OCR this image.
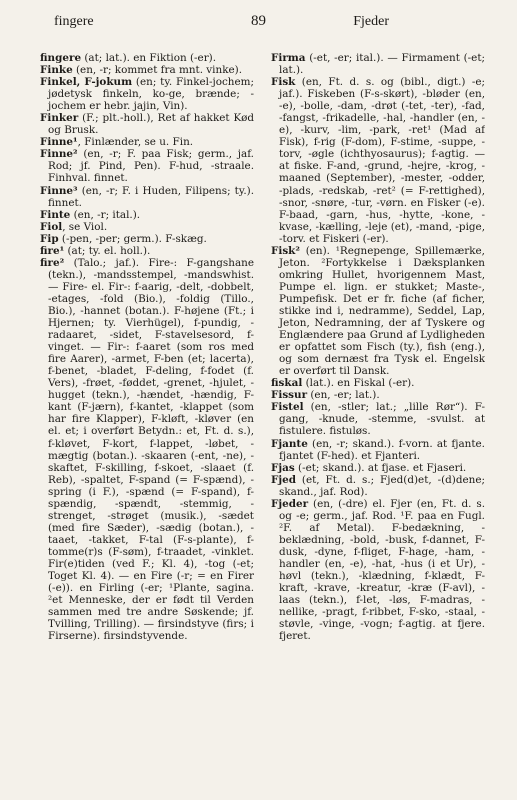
fingere	89	Fjeder

fingere (at; lat.). en Fiktion (-er).

Finke (en, -r; kommet fra mnt. vinke).

Finkel, F-jokum (en; ty. Finkel-jochem; jødetysk finkeln, ko-ge, brænde; -jochem er hebr. jajin, Vin).

Finker (F.; plt.-holl.), Ret af hakket Kød og Brusk.

Finne¹, Finlænder, se u. Fin.

Finne² (en, -r; F. paa Fisk; germ., jaf. Rod; jf. Pind, Pen). F-hud, -straale. Finhval. finnet.

Finne³ (en, -r; F. i Huden, Filipens; ty.). finnet.

Finte (en, -r; ital.).

Fiol, se Viol.

Fip (-pen, -per; germ.). F-skæg.

fire¹ (at; ty. el. holl.).

fire² (Talo.; jaf.). Fire-: F-gangshane (tekn.), -mandsstempel, -mandswhist. — Fire- el. Fir-: f-aarig, -delt, -dobbelt, -etages, -fold (Bio.), -foldig (Tillo., Bio.), -hannet (botan.). F-højene (Ft.; i Hjernen; ty. Vierhügel), f-pundig, -radaaret, -sidet, F-stavelsesord, f-vinget. — Fir-: f-aaret (som ros med fire Aarer), -armet, F-ben (et; lacerta), f-benet, -bladet, F-deling, f-fodet (f. Vers), -frøet, -føddet, -grenet, -hjulet, -hugget (tekn.), -hændet, -hændig, F-kant (F-jærn), f-kantet, -klappet (som har fire Klapper), F-kløft, -kløver (en el. et; i overført Betydn.: et, Ft. d. s.), f-kløvet, F-kort, f-lappet, -løbet, -mægtig (botan.). -skaaren (-ent, -ne), -skaftet, F-skilling, f-skoet, -slaaet (f. Reb), -spaltet, F-spand (= F-spænd), -spring (i F.), -spænd (= F-spand), f-spændig, -spændt, -stemmig, -strenget, -strøget (musik.), -sædet (med fire Sæder), -sædig (botan.), -taaet, -takket, F-tal (F-s-plante), f-tomme(r)s (F-søm), f-traadet, -vinklet. Fir(e)tiden (ved F.; Kl. 4), -tog (-et; Toget Kl. 4). — en Fire (-r; = en Firer (-e)). en Firling (-er; ¹Plante, sagina. ²et Menneske, der er født til Verden sammen med tre andre Søskende; jf. Tvilling, Trilling). — firsindstyve (firs; i Firserne). firsindstyvende.

Firma (-et, -er; ital.). — Firmament (-et; lat.).

Fisk (en, Ft. d. s. og (bibl., digt.) -e; jaf.). Fiskeben (F-s-skørt), -bløder (en, -e), -bolle, -dam, -drøt (-tet, -ter), -fad, -fangst, -frikadelle, -hal, -handler (en, -e), -kurv, -lim, -park, -ret¹ (Mad af Fisk), f-rig (F-dom), F-stime, -suppe, -torv, -øgle (ichthyosaurus); f-agtig. — at fiske. F-and, -grund, -hejre, -krog, -maaned (September), -mester, -odder, -plads, -redskab, -ret² (= F-rettighed), -snor, -snøre, -tur, -vørn. en Fisker (-e). F-baad, -garn, -hus, -hytte, -kone, -kvase, -kælling, -leje (et), -mand, -pige, -torv. et Fiskeri (-er).

Fisk² (en). ¹Regnepenge, Spillemærke, Jeton. ²Fortykkelse i Dæksplanken omkring Hullet, hvorigennem Mast, Pumpe el. lign. er stukket; Maste-, Pumpefisk. Det er fr. fiche (af ficher, stikke ind i, nedramme), Seddel, Lap, Jeton, Nedramning, der af Tyskere og Englændere paa Grund af Lydligheden er opfattet som Fisch (ty.), fish (eng.), og som dernæst fra Tysk el. Engelsk er overført til Dansk.

fiskal (lat.). en Fiskal (-er).

Fissur (en, -er; lat.).

Fistel (en, -stler; lat.; „lille Rør“). F-gang, -knude, -stemme, -svulst. at fistulere. fistuløs.

Fjante (en, -r; skand.). f-vorn. at fjante. fjantet (F-hed). et Fjanteri.

Fjas (-et; skand.). at fjase. et Fjaseri.

Fjed (et, Ft. d. s.; Fjed(d)et, -(d)dene; skand., jaf. Rod).

Fjeder (en, (-dre) el. Fjer (en, Ft. d. s. og -e; germ., jaf. Rod. ¹F. paa en Fugl. ²F. af Metal). F-bedækning, -beklædning, -bold, -busk, f-dannet, F-dusk, -dyne, f-fliget, F-hage, -ham, -handler (en, -e), -hat, -hus (i et Ur), -høvl (tekn.), -klædning, f-klædt, F-kraft, -krave, -kreatur, -kræ (F-avl), -laas (tekn.), f-let, -løs, F-madras, -nellike, -pragt, f-ribbet, F-sko, -staal, -støvle, -vinge, -vogn; f-agtig. at fjere. fjeret.
